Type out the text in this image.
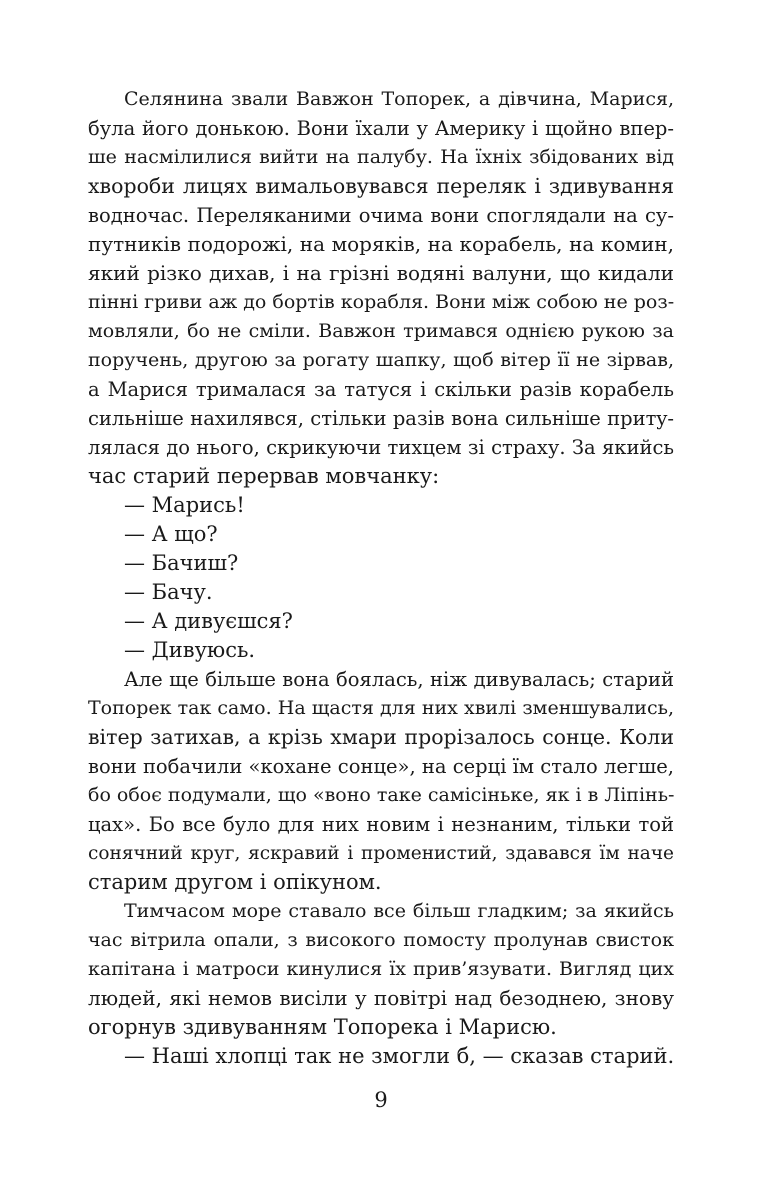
Селянина звали Вавжон Топорек, а дівчина, Марися,
була його донькою. Вони їхали у Америку і щойно впер-
ше насмілилися вийти на палубу. На їхніх збідованих від
хвороби лицях вимальовувався переляк і здивування
водночас. Переляканими очима вони споглядали на су-
путників подорожі, на моряків, на корабель, на комин,
який різко дихав, і на грізні водяні валуни, що кидали
пінні гриви аж до бортів корабля. Вони між собою не роз-
мовляли, бо не сміли. Вавжон тримався однією рукою за
поручень, другою за рогату шапку, щоб вітер її не зірвав,
а Марися трималася за татуся і скільки разів корабель
сильніше нахилявся, стільки разів вона сильніше притy-
лялася до нього, скрикуючи тихцем зі страху. За якийсь
час старий перервав мовчанку:
— Марись!
— А що?
— Бачиш?
— Бачу.
— А дивуєшся?
— Дивуюсь.
Але ще більше вона боялась, ніж дивувалась; старий
Топорек так само. На щастя для них хвилі зменшувались,
вітер затихав, а крізь хмари прорізалось сонце. Коли
вони побачили «кохане сонце», на серці їм стало легше,
бо обоє подумали, що «воно таке самісіньке, як і в Ліпінь-
цах». Бо все було для них новим і незнаним, тільки той
сонячний круг, яскравий і променистий, здавався їм наче
старим другом і опікуном.
Тимчасом море ставало все більш гладким; за якийсь
час вітрила опали, з високого помосту пролунав свисток
капітана і матроси кинулися їх прив’язувати. Вигляд цих
людей, які немов висіли у повітрі над безоднею, знову
огорнув здивуванням Топорека і Марисю.
— Наші хлопці так не змогли б, — сказав старий.
9
